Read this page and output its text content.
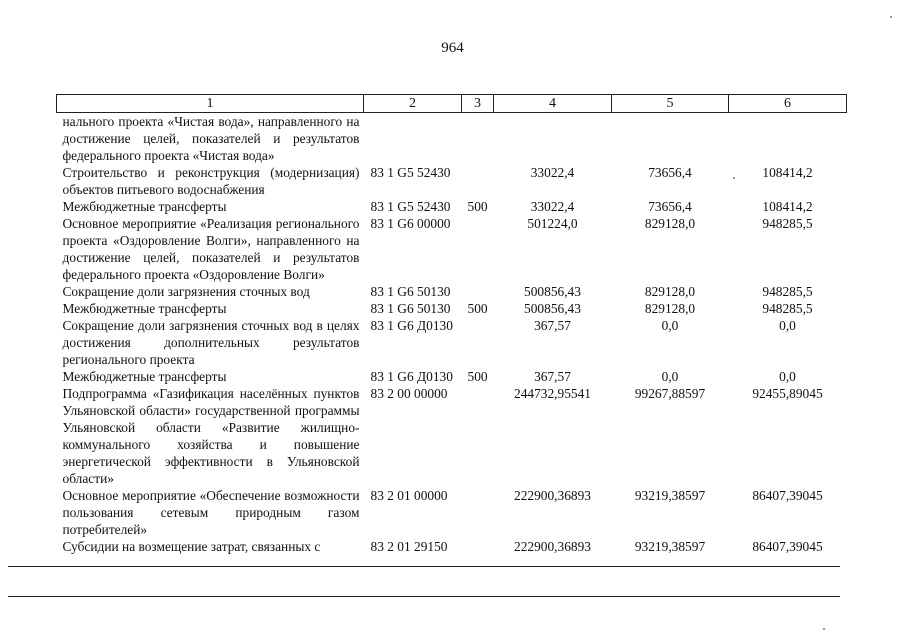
964
1	2	3	4	5	6
нального проекта «Чистая вода», направленного на достижение целей, показателей и результатов федерального проекта «Чистая вода»					
Строительство и реконструкция (модернизация) объектов питьевого водоснабжения	83 1 G5 52430		33022,4	73656,4	108414,2
Межбюджетные трансферты	83 1 G5 52430	500	33022,4	73656,4	108414,2
Основное мероприятие «Реализация регионального проекта «Оздоровление Волги», направленного на достижение целей, показателей и результатов федерального проекта «Оздоровление Волги»	83 1 G6 00000		501224,0	829128,0	948285,5
Сокращение доли загрязнения сточных вод	83 1 G6 50130		500856,43	829128,0	948285,5
Межбюджетные трансферты	83 1 G6 50130	500	500856,43	829128,0	948285,5
Сокращение доли загрязнения сточных вод в целях достижения дополнительных результатов регионального проекта	83 1 G6 Д0130		367,57	0,0	0,0
Межбюджетные трансферты	83 1 G6 Д0130	500	367,57	0,0	0,0
Подпрограмма «Газификация населённых пунктов Ульяновской области» государственной программы Ульяновской области «Развитие жилищно-коммунального хозяйства и повышение энергетической эффективности в Ульяновской области»	83 2 00 00000		244732,95541	99267,88597	92455,89045
Основное мероприятие «Обеспечение возможности пользования сетевым природным газом потребителей»	83 2 01 00000		222900,36893	93219,38597	86407,39045
Субсидии на возмещение затрат, связанных с	83 2 01 29150		222900,36893	93219,38597	86407,39045
